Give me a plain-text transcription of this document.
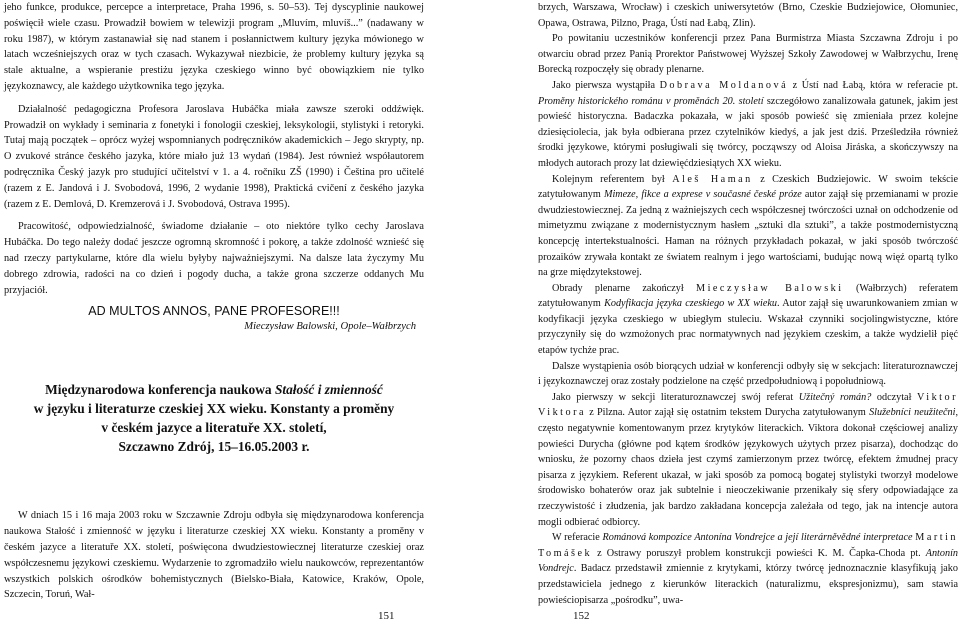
jeho funkce, produkce, percepce a interpretace, Praha 1996, s. 50–53). Tej dyscyplinie naukowej poświęcił wiele czasu. Prowadził bowiem w telewizji program „Mluvím, mluvíš...” (nadawany w roku 1987), w którym zastanawiał się nad stanem i posłannictwem kultury języka mówionego w latach wcześniejszych oraz w tych czasach. Wykazywał niezbicie, że problemy kultury języka są stale aktualne, a wspieranie prestiżu języka czeskiego winno być obowiązkiem nie tylko językoznawcy, ale każdego użytkownika tego języka.

Działalność pedagogiczna Profesora Jaroslava Hubáčka miała zawsze szeroki oddźwięk. Prowadził on wykłady i seminaria z fonetyki i fonologii czeskiej, leksykologii, stylistyki i retoryki. Tutaj mają początek – oprócz wyżej wspomnianych podręczników akademickich – Jego skrypty, np. O zvukové stránce českého jazyka, które miało już 13 wydań (1984). Jest również współautorem podręcznika Český jazyk pro studující učitelství v 1. a 4. ročníku ZŠ (1990) i Čeština pro učitelé (razem z E. Jandová i J. Svobodová, 1996, 2 wydanie 1998), Praktická cvičení z českého jazyka (razem z E. Demlová, D. Kremzerová i J. Svobodová, Ostrava 1995).

Pracowitość, odpowiedzialność, świadome działanie – oto niektóre tylko cechy Jaroslava Hubáčka. Do tego należy dodać jeszcze ogromną skromność i pokorę, a także zdolność wznieść się nad rzeczy partykularne, które dla wielu byłyby najważniejszymi. Na dalsze lata życzymy Mu dobrego zdrowia, radości na co dzień i pogody ducha, a także grona szczerze oddanych Mu przyjaciół.

AD MULTOS ANNOS, PANE PROFESORE!!!

Mieczysław Balowski, Opole–Wałbrzych

Międzynarodowa konferencja naukowa Stałość i zmienność

w języku i literaturze czeskiej XX wieku. Konstanty a proměny

v českém jazyce a literatuře XX. století,

Szczawno Zdrój, 15–16.05.2003 r.

W dniach 15 i 16 maja 2003 roku w Szczawnie Zdroju odbyła się międzynarodowa konferencja naukowa Stałość i zmienność w języku i literaturze czeskiej XX wieku. Konstanty a proměny v českém jazyce a literatuře XX. století, poświęcona dwudziestowiecznej literaturze czeskiej oraz współczesnemu językowi czeskiemu. Wydarzenie to zgromadziło wielu naukowców, reprezentantów wszystkich polskich ośrodków bohemistycznych (Bielsko-Biała, Katowice, Kraków, Opole, Szczecin, Toruń, Wał-

brzych, Warszawa, Wrocław) i czeskich uniwersytetów (Brno, Czeskie Budziejowice, Ołomuniec, Opawa, Ostrawa, Pilzno, Praga, Ústí nad Łabą, Zlin).

Po powitaniu uczestników konferencji przez Pana Burmistrza Miasta Szczawna Zdroju i po otwarciu obrad przez Panią Prorektor Państwowej Wyższej Szkoły Zawodowej w Wałbrzychu, Irenę Borecką rozpoczęły się obrady plenarne.

Jako pierwsza wystąpiła Dobrava Moldanová z Ústí nad Łabą, która w referacie pt. Proměny historického románu v proměnách 20. století szczegółowo zanalizowała gatunek, jakim jest powieść historyczna. Badaczka pokazała, w jaki sposób powieść się zmieniała przez kolejne dziesięciolecia, jak była odbierana przez czytelników kiedyś, a jak jest dziś. Prześledziła również środki językowe, którymi posługiwali się twórcy, począwszy od Aloisa Jiráska, a skończywszy na młodych autorach prozy lat dziewięćdziesiątych XX wieku.

Kolejnym referentem był Aleš Haman z Czeskich Budziejowic. W swoim tekście zatytułowanym Mimeze, fikce a exprese v současné české próze autor zajął się przemianami w prozie dwudziestowiecznej. Za jedną z ważniejszych cech współczesnej twórczości uznał on odchodzenie od mimetyzmu związane z modernistycznym hasłem „sztuki dla sztuki”, a także postmodernistyczną koncepcję intertekstualności. Haman na różnych przykładach pokazał, w jaki sposób twórczość prozaików zrywała kontakt ze światem realnym i jego wartościami, budując nową więź opartą tylko na grze międzytekstowej.

Obrady plenarne zakończył Mieczysław Balowski (Wałbrzych) referatem zatytułowanym Kodyfikacja języka czeskiego w XX wieku. Autor zajął się uwarunkowaniem zmian w kodyfikacji języka czeskiego w ubiegłym stuleciu. Wskazał czynniki socjolingwistyczne, które przyczyniły się do wzmożonych prac normatywnych nad językiem czeskim, a także wydzielił pięć etapów tychże prac.

Dalsze wystąpienia osób biorących udział w konferencji odbyły się w sekcjach: literaturoznawczej i językoznawczej oraz zostały podzielone na część przedpołudniową i popołudniową.

Jako pierwszy w sekcji literaturoznawczej swój referat Užitečný román? odczytał Viktor Viktora z Pilzna. Autor zajął się ostatnim tekstem Durycha zatytułowanym Služebníci neužitečni, często negatywnie komentowanym przez krytyków literackich. Viktora dokonał częściowej analizy powieści Durycha (główne pod kątem środków językowych użytych przez pisarza), dochodząc do wniosku, że pozorny chaos dzieła jest czymś zamierzonym przez twórcę, efektem żmudnej pracy pisarza z językiem. Referent ukazał, w jaki sposób za pomocą bogatej stylistyki tworzył modelowe środowisko bohaterów oraz jak subtelnie i nieoczekiwanie przenikały się sfery odpowiadające za rzeczywistość i złudzenia, jak bardzo zakładana koncepcja zależała od tego, jak na intencje autora mogli odbierać odbiorcy.

W referacie Románová kompozice Antonína Vondrejce a její literárněvědné interpretace Martin Tomášek z Ostrawy poruszył problem konstrukcji powieści K. M. Čapka-Choda pt. Antonín Vondrejc. Badacz przedstawił zmiennie z krytykami, którzy twórcę jednoznacznie klasyfikują jako przedstawiciela jednego z kierunków literackich (naturalizmu, ekspresjonizmu), sam stawia powieściopisarza „pośrodku”, uwa-

151	152
